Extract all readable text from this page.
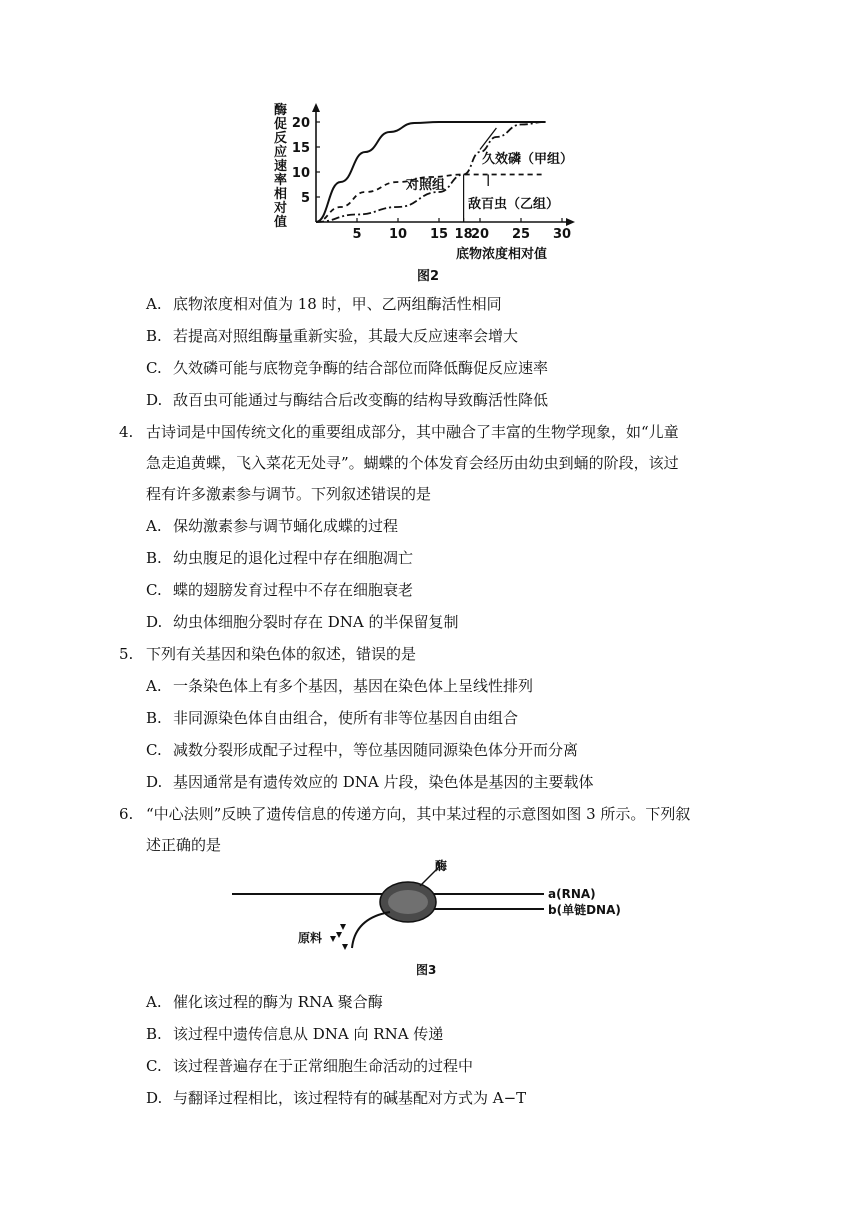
酶
促
反
应
速
率
相
对
值
5
10
15
20
5 10 15 18
20 25 30
对照组
久效磷（甲组）
敌百虫（乙组）
底物浓度相对值
图2
A. 底物浓度相对值为 18 时，甲、乙两组酶活性相同
B. 若提高对照组酶量重新实验，其最大反应速率会增大
C. 久效磷可能与底物竞争酶的结合部位而降低酶促反应速率
D. 敌百虫可能通过与酶结合后改变酶的结构导致酶活性降低
4. 古诗词是中国传统文化的重要组成部分，其中融合了丰富的生物学现象，如“儿童
急走追黄蝶，飞入菜花无处寻”。蝴蝶的个体发育会经历由幼虫到蛹的阶段，该过
程有许多激素参与调节。下列叙述错误的是
A. 保幼激素参与调节蛹化成蝶的过程
B. 幼虫腹足的退化过程中存在细胞凋亡
C. 蝶的翅膀发育过程中不存在细胞衰老
D. 幼虫体细胞分裂时存在 DNA 的半保留复制
5. 下列有关基因和染色体的叙述，错误的是
A. 一条染色体上有多个基因，基因在染色体上呈线性排列
B. 非同源染色体自由组合，使所有非等位基因自由组合
C. 减数分裂形成配子过程中，等位基因随同源染色体分开而分离
D. 基因通常是有遗传效应的 DNA 片段，染色体是基因的主要载体
6. “中心法则”反映了遗传信息的传递方向，其中某过程的示意图如图 3 所示。下列叙
述正确的是
酶
a(RNA)
b(单链DNA)
原料
图3
A. 催化该过程的酶为 RNA 聚合酶
B. 该过程中遗传信息从 DNA 向 RNA 传递
C. 该过程普遍存在于正常细胞生命活动的过程中
D. 与翻译过程相比，该过程特有的碱基配对方式为 A−T
